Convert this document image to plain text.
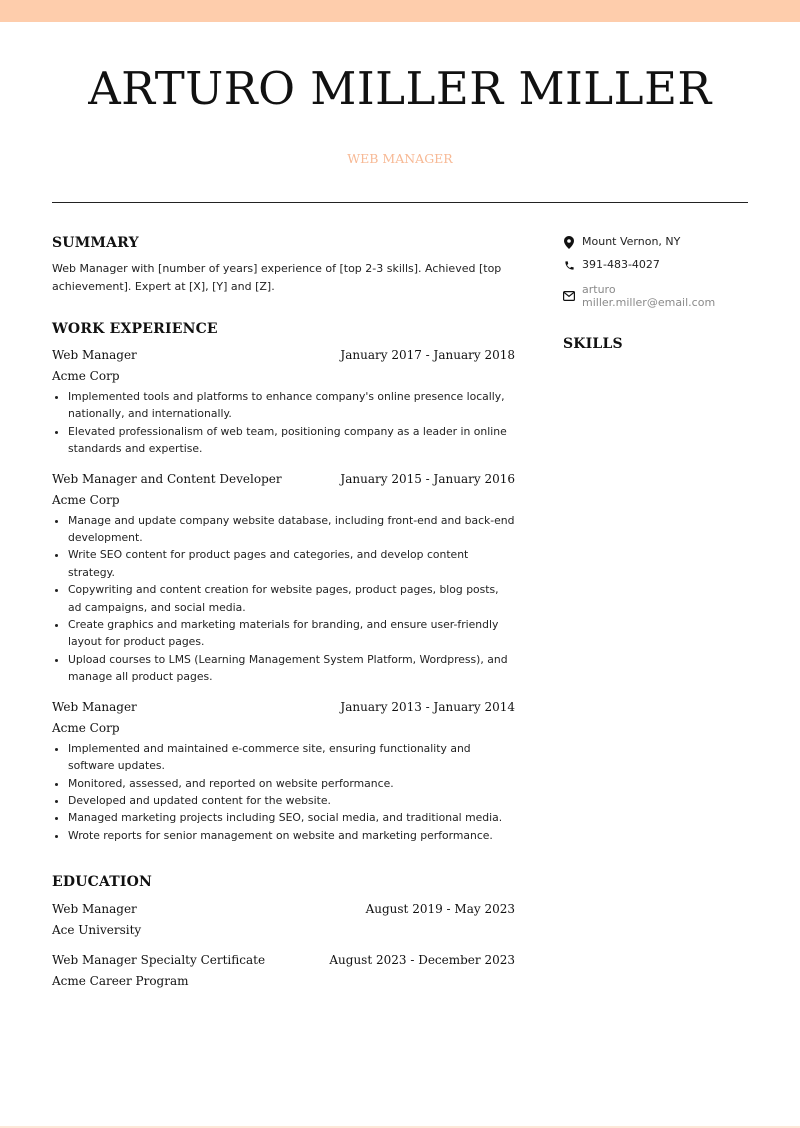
ARTURO MILLER MILLER
WEB MANAGER
SUMMARY

Web Manager with [number of years] experience of [top 2-3 skills]. Achieved [top achievement]. Expert at [X], [Y] and [Z].

WORK EXPERIENCE
Web Manager	January 2017 - January 2018
Acme Corp
• Implemented tools and platforms to enhance company's online presence locally, nationally, and internationally.
• Elevated professionalism of web team, positioning company as a leader in online standards and expertise.
Web Manager and Content Developer	January 2015 - January 2016
Acme Corp
• Manage and update company website database, including front-end and back-end development.
• Write SEO content for product pages and categories, and develop content strategy.
• Copywriting and content creation for website pages, product pages, blog posts, ad campaigns, and social media.
• Create graphics and marketing materials for branding, and ensure user-friendly layout for product pages.
• Upload courses to LMS (Learning Management System Platform, Wordpress), and manage all product pages.
Web Manager	January 2013 - January 2014
Acme Corp
• Implemented and maintained e-commerce site, ensuring functionality and software updates.
• Monitored, assessed, and reported on website performance.
• Developed and updated content for the website.
• Managed marketing projects including SEO, social media, and traditional media.
• Wrote reports for senior management on website and marketing performance.
EDUCATION
Web Manager	August 2019 - May 2023
Ace University
Web Manager Specialty Certificate	August 2023 - December 2023
Acme Career Program
Mount Vernon, NY
391-483-4027
arturo
miller.miller@email.com
SKILLS
